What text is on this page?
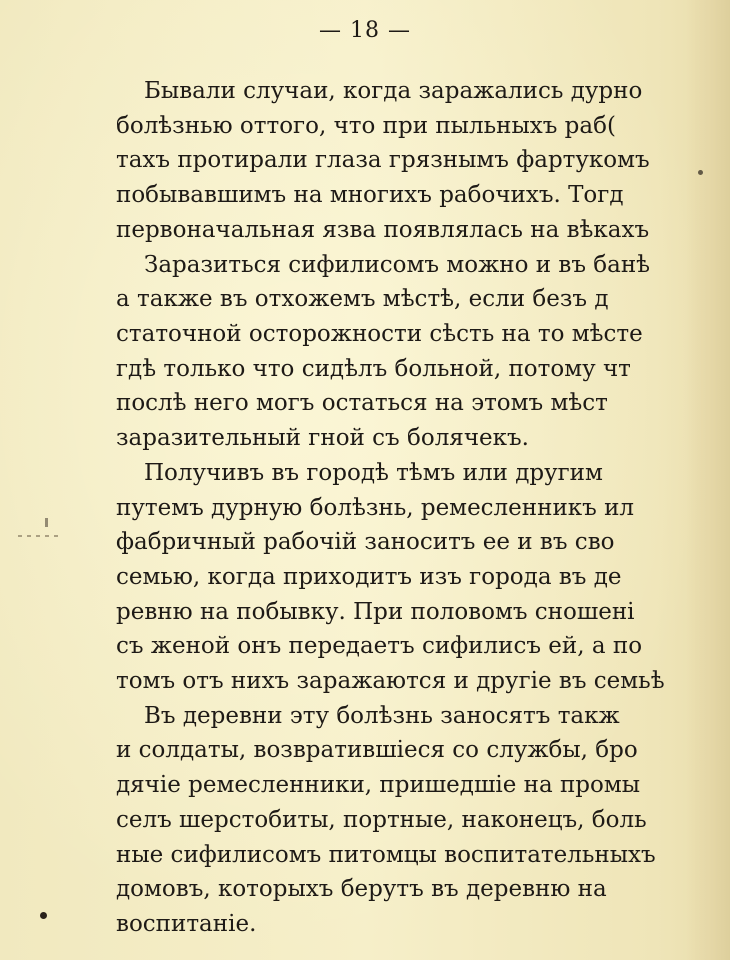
— 18 —
Бывали случаи, когда заражались дурно
болѣзнью оттого, что при пыльныхъ раб(
тахъ протирали глаза грязнымъ фартукомъ
побывавшимъ на многихъ рабочихъ. Тогд
первоначальная язва появлялась на вѣкахъ
Заразиться сифилисомъ можно и въ банѣ
а также въ отхожемъ мѣстѣ, если безъ д
статочной осторожности сѣсть на то мѣсте
гдѣ только что сидѣлъ больной, потому чт
послѣ него могъ остаться на этомъ мѣст
заразительный гной съ болячекъ.
Получивъ въ городѣ тѣмъ или другим
путемъ дурную болѣзнь, ремесленникъ ил
фабричный рабочій заноситъ ее и въ сво
семью, когда приходитъ изъ города въ де
ревню на побывку. При половомъ сношені
съ женой онъ передаетъ сифилисъ ей, а по
томъ отъ нихъ заражаются и другіе въ семьѣ
Въ деревни эту болѣзнь заносятъ такж
и солдаты, возвратившіеся со службы, бро
дячіе ремесленники, пришедшіе на промы
селъ шерстобиты, портные, наконецъ, боль
ные сифилисомъ питомцы воспитательныхъ
домовъ, которыхъ берутъ въ деревню на
воспитаніе.
